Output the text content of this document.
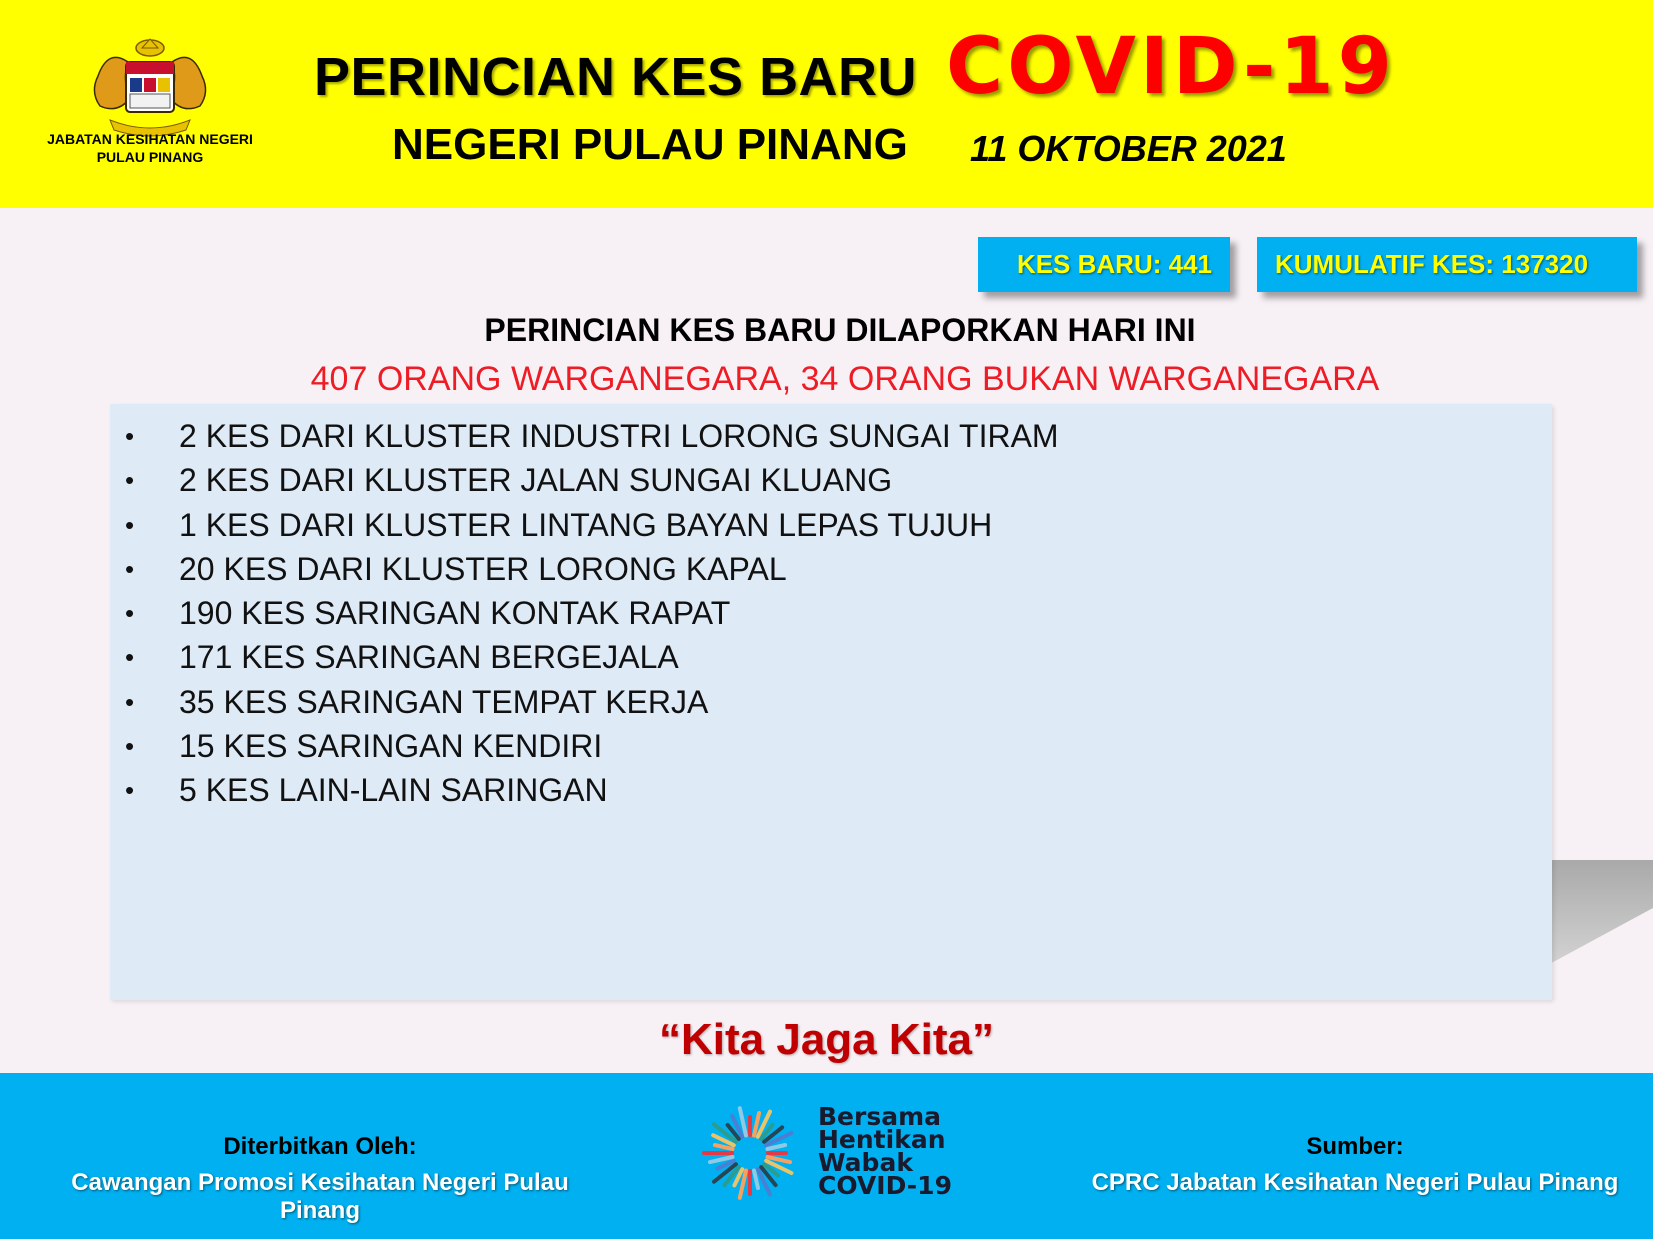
JABATAN KESIHATAN NEGERI
PULAU PINANG
PERINCIAN KES BARU COVID-19
NEGERI PULAU PINANG 11 OKTOBER 2021
KES BARU: 441	KUMULATIF KES: 137320
PERINCIAN KES BARU DILAPORKAN HARI INI
407 ORANG WARGANEGARA, 34 ORANG BUKAN WARGANEGARA
• 2 KES DARI KLUSTER INDUSTRI LORONG SUNGAI TIRAM
• 2 KES DARI KLUSTER JALAN SUNGAI KLUANG
• 1 KES DARI KLUSTER LINTANG BAYAN LEPAS TUJUH
• 20 KES DARI KLUSTER LORONG KAPAL
• 190 KES SARINGAN KONTAK RAPAT
• 171 KES SARINGAN BERGEJALA
• 35 KES SARINGAN TEMPAT KERJA
• 15 KES SARINGAN KENDIRI
• 5 KES LAIN-LAIN SARINGAN
“Kita Jaga Kita”
Diterbitkan Oleh:
Cawangan Promosi Kesihatan Negeri Pulau Pinang
Bersama
Hentikan
Wabak
COVID-19
Sumber:
CPRC Jabatan Kesihatan Negeri Pulau Pinang
